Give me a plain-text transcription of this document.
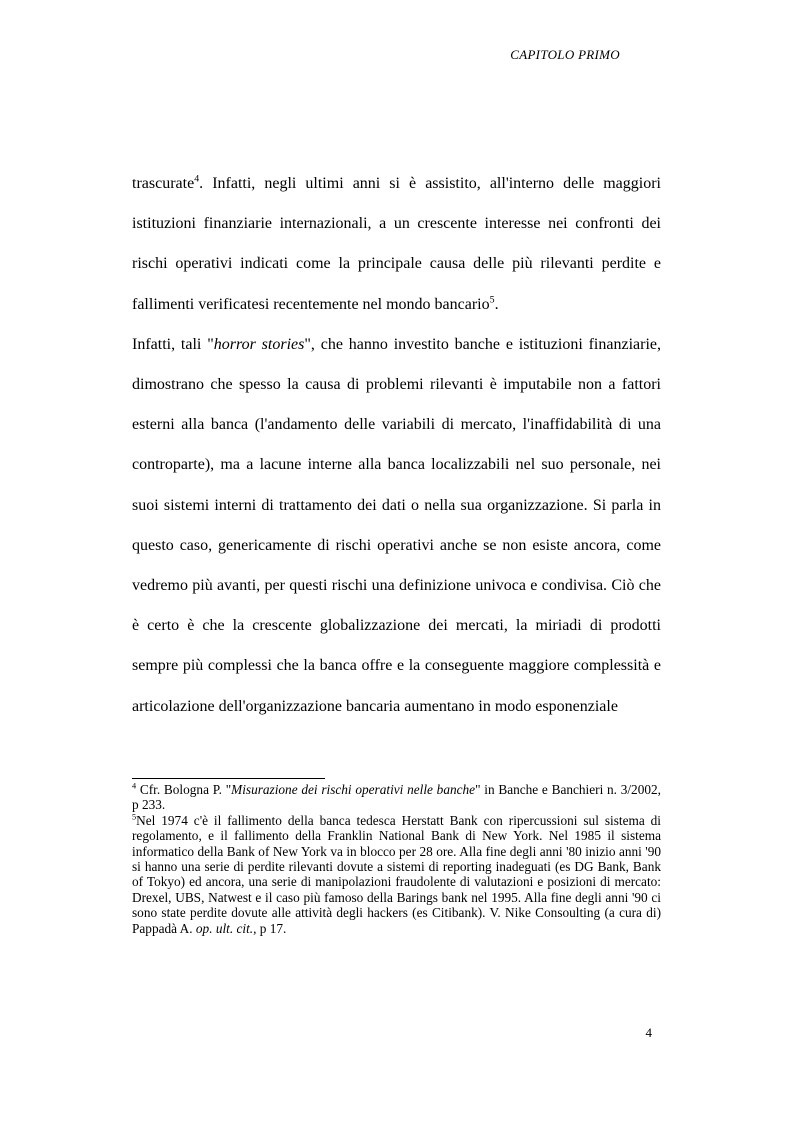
CAPITOLO PRIMO

trascurate$^4$. Infatti, negli ultimi anni si è assistito, all'interno delle maggiori istituzioni finanziarie internazionali, a un crescente interesse nei confronti dei rischi operativi indicati come la principale causa delle più rilevanti perdite e fallimenti verificatesi recentemente nel mondo bancario$^5$.

Infatti, tali "horror stories", che hanno investito banche e istituzioni finanziarie, dimostrano che spesso la causa di problemi rilevanti è imputabile non a fattori esterni alla banca (l'andamento delle variabili di mercato, l'inaffidabilità di una controparte), ma a lacune interne alla banca localizzabili nel suo personale, nei suoi sistemi interni di trattamento dei dati o nella sua organizzazione. Si parla in questo caso, genericamente di rischi operativi anche se non esiste ancora, come vedremo più avanti, per questi rischi una definizione univoca e condivisa. Ciò che è certo è che la crescente globalizzazione dei mercati, la miriadi di prodotti sempre più complessi che la banca offre e la conseguente maggiore complessità e articolazione dell'organizzazione bancaria aumentano in modo esponenziale

$^4$ Cfr. Bologna P. "Misurazione dei rischi operativi nelle banche" in Banche e Banchieri n. 3/2002, p 233.

$^5$Nel 1974 c'è il fallimento della banca tedesca Herstatt Bank con ripercussioni sul sistema di regolamento, e il fallimento della Franklin National Bank di New York. Nel 1985 il sistema informatico della Bank of New York va in blocco per 28 ore. Alla fine degli anni '80 inizio anni '90 si hanno una serie di perdite rilevanti dovute a sistemi di reporting inadeguati (es DG Bank, Bank of Tokyo) ed ancora, una serie di manipolazioni fraudolente di valutazioni e posizioni di mercato: Drexel, UBS, Natwest e il caso più famoso della Barings bank nel 1995. Alla fine degli anni '90 ci sono state perdite dovute alle attività degli hackers (es Citibank). V. Nike Consoulting (a cura di) Pappadà A. op. ult. cit., p 17.

4
